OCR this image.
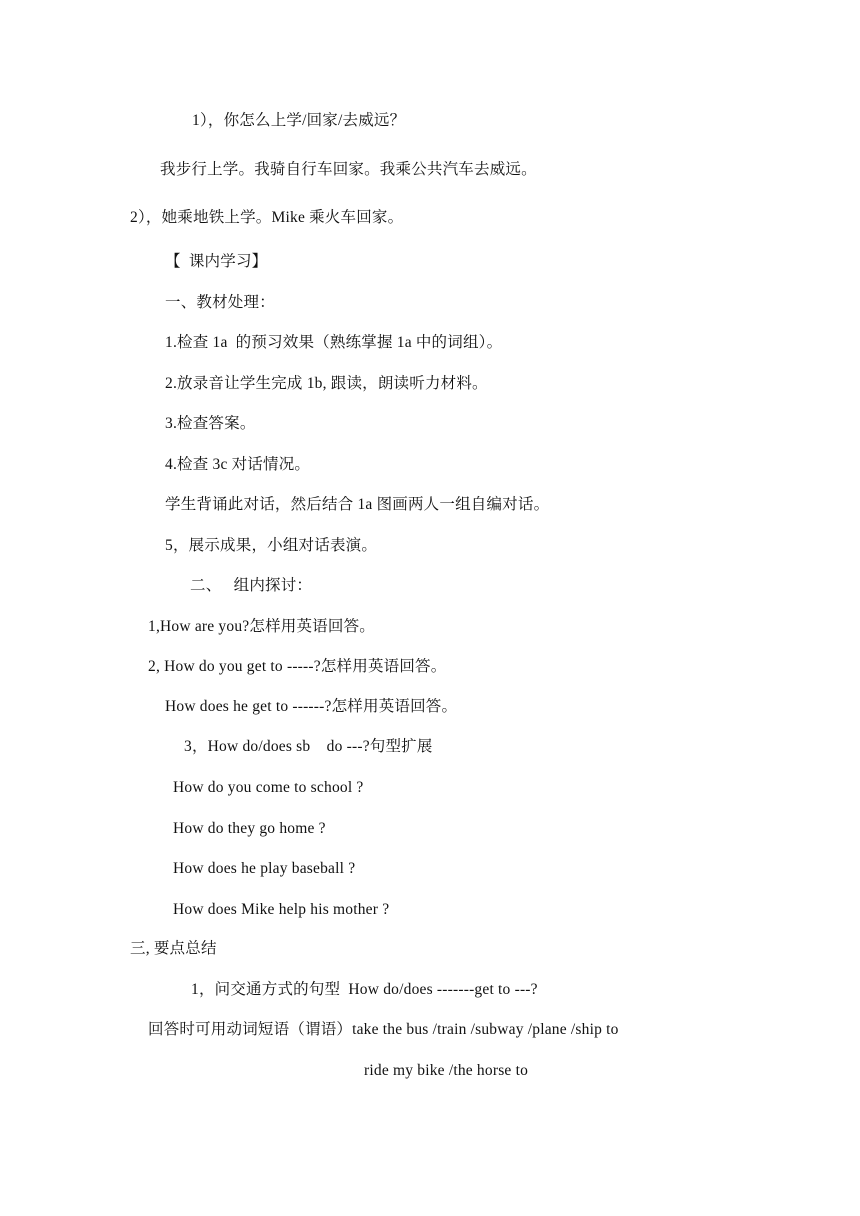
1），你怎么上学/回家/去威远？
我步行上学。我骑自行车回家。我乘公共汽车去威远。
2），她乘地铁上学。Mike 乘火车回家。
【  课内学习】
一、教材处理：
1.检查 1a  的预习效果（熟练掌握 1a 中的词组）。
2.放录音让学生完成 1b, 跟读，朗读听力材料。
3.检查答案。
4.检查 3c 对话情况。
学生背诵此对话，然后结合 1a 图画两人一组自编对话。
5，展示成果，小组对话表演。
二、   组内探讨：
1,How are you?怎样用英语回答。
2, How do you get to -----?怎样用英语回答。
How does he get to ------?怎样用英语回答。
3，How do/does sb    do ---?句型扩展
How do you come to school ?
How do they go home ?
How does he play baseball ?
How does Mike help his mother ?
三, 要点总结
1，问交通方式的句型  How do/does -------get to ---?
回答时可用动词短语（谓语）take the bus /train /subway /plane /ship to
ride my bike /the horse to
